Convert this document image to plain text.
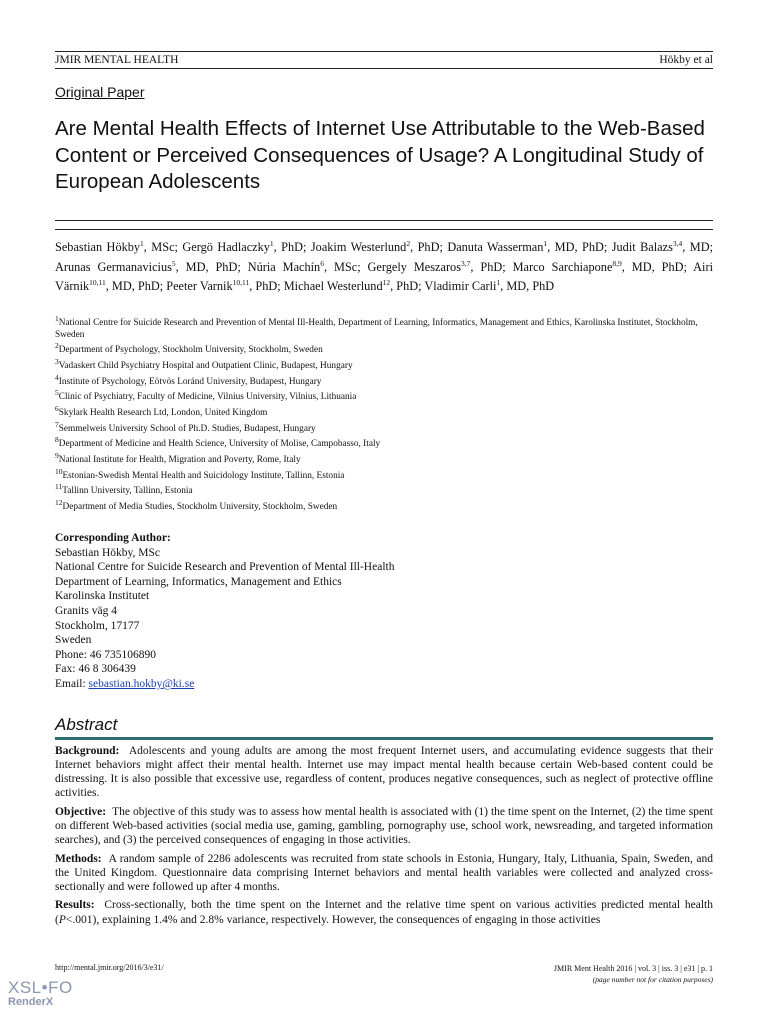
JMIR MENTAL HEALTH	Hökby et al
Original Paper
Are Mental Health Effects of Internet Use Attributable to the Web-Based Content or Perceived Consequences of Usage? A Longitudinal Study of European Adolescents
Sebastian Hökby$^1$, MSc; Gergö Hadlaczky$^1$, PhD; Joakim Westerlund$^2$, PhD; Danuta Wasserman$^1$, MD, PhD; Judit Balazs$^{3,4}$, MD; Arunas Germanavicius$^5$, MD, PhD; Núria Machín$^6$, MSc; Gergely Meszaros$^{3,7}$, PhD; Marco Sarchiapone$^{8,9}$, MD, PhD; Airi Värnik$^{10,11}$, MD, PhD; Peeter Varnik$^{10,11}$, PhD; Michael Westerlund$^{12}$, PhD; Vladimir Carli$^1$, MD, PhD
$^1$National Centre for Suicide Research and Prevention of Mental Ill-Health, Department of Learning, Informatics, Management and Ethics, Karolinska Institutet, Stockholm, Sweden
$^2$Department of Psychology, Stockholm University, Stockholm, Sweden
$^3$Vadaskert Child Psychiatry Hospital and Outpatient Clinic, Budapest, Hungary
$^4$Institute of Psychology, Eötvös Loránd University, Budapest, Hungary
$^5$Clinic of Psychiatry, Faculty of Medicine, Vilnius University, Vilnius, Lithuania
$^6$Skylark Health Research Ltd, London, United Kingdom
$^7$Semmelweis University School of Ph.D. Studies, Budapest, Hungary
$^8$Department of Medicine and Health Science, University of Molise, Campobasso, Italy
$^9$National Institute for Health, Migration and Poverty, Rome, Italy
$^{10}$Estonian-Swedish Mental Health and Suicidology Institute, Tallinn, Estonia
$^{11}$Tallinn University, Tallinn, Estonia
$^{12}$Department of Media Studies, Stockholm University, Stockholm, Sweden
Corresponding Author:
Sebastian Hökby, MSc
National Centre for Suicide Research and Prevention of Mental Ill-Health
Department of Learning, Informatics, Management and Ethics
Karolinska Institutet
Granits väg 4
Stockholm, 17177
Sweden
Phone: 46 735106890
Fax: 46 8 306439
Email: sebastian.hokby@ki.se
Abstract

Background: Adolescents and young adults are among the most frequent Internet users, and accumulating evidence suggests that their Internet behaviors might affect their mental health. Internet use may impact mental health because certain Web-based content could be distressing. It is also possible that excessive use, regardless of content, produces negative consequences, such as neglect of protective offline activities.

Objective: The objective of this study was to assess how mental health is associated with (1) the time spent on the Internet, (2) the time spent on different Web-based activities (social media use, gaming, gambling, pornography use, school work, newsreading, and targeted information searches), and (3) the perceived consequences of engaging in those activities.

Methods: A random sample of 2286 adolescents was recruited from state schools in Estonia, Hungary, Italy, Lithuania, Spain, Sweden, and the United Kingdom. Questionnaire data comprising Internet behaviors and mental health variables were collected and analyzed cross-sectionally and were followed up after 4 months.

Results: Cross-sectionally, both the time spent on the Internet and the relative time spent on various activities predicted mental health (P<.001), explaining 1.4% and 2.8% variance, respectively. However, the consequences of engaging in those activities

http://mental.jmir.org/2016/3/e31/	JMIR Ment Health 2016 | vol. 3 | iss. 3 | e31 | p. 1
(page number not for citation purposes)
XSL•FO
RenderX
